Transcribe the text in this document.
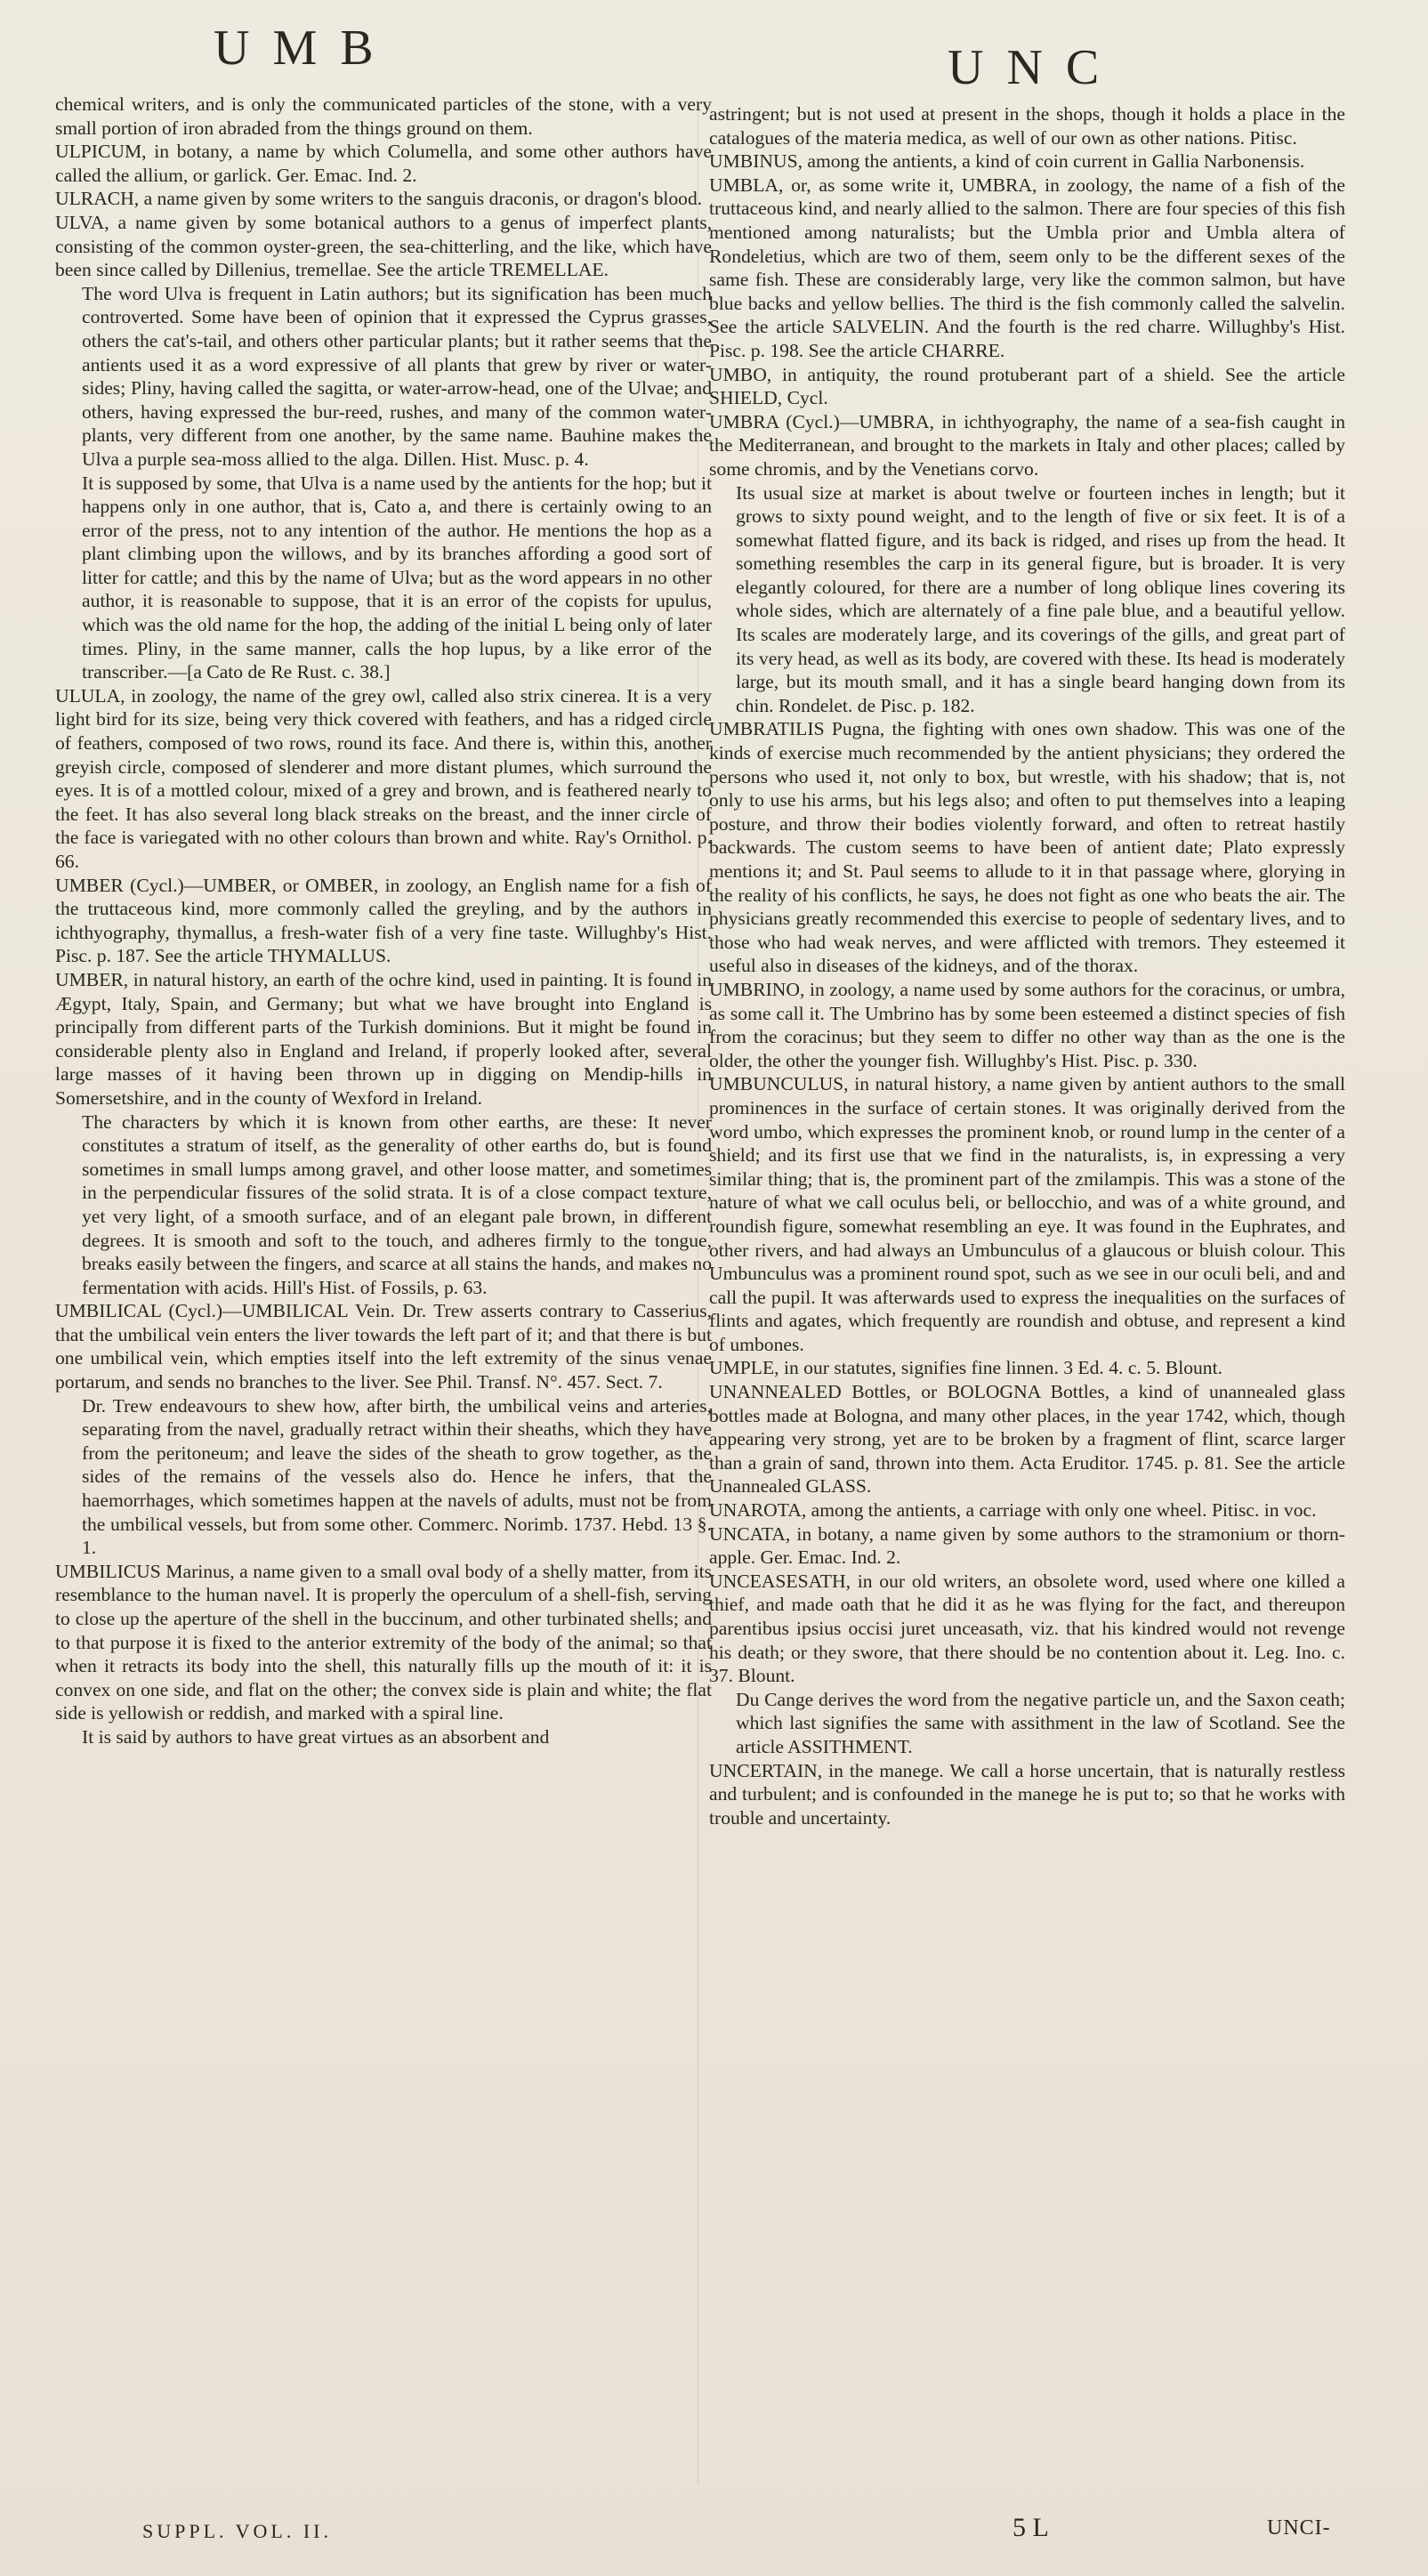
UMB	UNC

chemical writers, and is only the communicated particles of the stone, with a very small portion of iron abraded from the things ground on them.

ULPICUM, in botany, a name by which Columella, and some other authors have called the allium, or garlick. Ger. Emac. Ind. 2.

ULRACH, a name given by some writers to the sanguis draconis, or dragon's blood.

ULVA, a name given by some botanical authors to a genus of imperfect plants, consisting of the common oyster-green, the sea-chitterling, and the like, which have been since called by Dillenius, tremellae. See the article TREMELLAE.

The word Ulva is frequent in Latin authors; but its signification has been much controverted. Some have been of opinion that it expressed the Cyprus grasses, others the cat's-tail, and others other particular plants; but it rather seems that the antients used it as a word expressive of all plants that grew by river or water-sides; Pliny, having called the sagitta, or water-arrow-head, one of the Ulvae; and others, having expressed the bur-reed, rushes, and many of the common water-plants, very different from one another, by the same name. Bauhine makes the Ulva a purple sea-moss allied to the alga. Dillen. Hist. Musc. p. 4.

It is supposed by some, that Ulva is a name used by the antients for the hop; but it happens only in one author, that is, Cato a, and there is certainly owing to an error of the press, not to any intention of the author. He mentions the hop as a plant climbing upon the willows, and by its branches affording a good sort of litter for cattle; and this by the name of Ulva; but as the word appears in no other author, it is reasonable to suppose, that it is an error of the copists for upulus, which was the old name for the hop, the adding of the initial L being only of later times. Pliny, in the same manner, calls the hop lupus, by a like error of the transcriber.—[a Cato de Re Rust. c. 38.]

ULULA, in zoology, the name of the grey owl, called also strix cinerea. It is a very light bird for its size, being very thick covered with feathers, and has a ridged circle of feathers, composed of two rows, round its face. And there is, within this, another greyish circle, composed of slenderer and more distant plumes, which surround the eyes. It is of a mottled colour, mixed of a grey and brown, and is feathered nearly to the feet. It has also several long black streaks on the breast, and the inner circle of the face is variegated with no other colours than brown and white. Ray's Ornithol. p. 66.

UMBER (Cycl.)—UMBER, or OMBER, in zoology, an English name for a fish of the truttaceous kind, more commonly called the greyling, and by the authors in ichthyography, thymallus, a fresh-water fish of a very fine taste. Willughby's Hist. Pisc. p. 187. See the article THYMALLUS.

UMBER, in natural history, an earth of the ochre kind, used in painting. It is found in Ægypt, Italy, Spain, and Germany; but what we have brought into England is principally from different parts of the Turkish dominions. But it might be found in considerable plenty also in England and Ireland, if properly looked after, several large masses of it having been thrown up in digging on Mendip-hills in Somersetshire, and in the county of Wexford in Ireland.

The characters by which it is known from other earths, are these: It never constitutes a stratum of itself, as the generality of other earths do, but is found sometimes in small lumps among gravel, and other loose matter, and sometimes in the perpendicular fissures of the solid strata. It is of a close compact texture, yet very light, of a smooth surface, and of an elegant pale brown, in different degrees. It is smooth and soft to the touch, and adheres firmly to the tongue, breaks easily between the fingers, and scarce at all stains the hands, and makes no fermentation with acids. Hill's Hist. of Fossils, p. 63.

UMBILICAL (Cycl.)—UMBILICAL Vein. Dr. Trew asserts contrary to Casserius, that the umbilical vein enters the liver towards the left part of it; and that there is but one umbilical vein, which empties itself into the left extremity of the sinus venae portarum, and sends no branches to the liver. See Phil. Transf. N°. 457. Sect. 7.

Dr. Trew endeavours to shew how, after birth, the umbilical veins and arteries, separating from the navel, gradually retract within their sheaths, which they have from the peritoneum; and leave the sides of the sheath to grow together, as the sides of the remains of the vessels also do. Hence he infers, that the haemorrhages, which sometimes happen at the navels of adults, must not be from the umbilical vessels, but from some other. Commerc. Norimb. 1737. Hebd. 13 §. 1.

UMBILICUS Marinus, a name given to a small oval body of a shelly matter, from its resemblance to the human navel. It is properly the operculum of a shell-fish, serving to close up the aperture of the shell in the buccinum, and other turbinated shells; and to that purpose it is fixed to the anterior extremity of the body of the animal; so that when it retracts its body into the shell, this naturally fills up the mouth of it: it is convex on one side, and flat on the other; the convex side is plain and white; the flat side is yellowish or reddish, and marked with a spiral line.

It is said by authors to have great virtues as an absorbent and

astringent; but is not used at present in the shops, though it holds a place in the catalogues of the materia medica, as well of our own as other nations. Pitisc.

UMBINUS, among the antients, a kind of coin current in Gallia Narbonensis.

UMBLA, or, as some write it, UMBRA, in zoology, the name of a fish of the truttaceous kind, and nearly allied to the salmon. There are four species of this fish mentioned among naturalists; but the Umbla prior and Umbla altera of Rondeletius, which are two of them, seem only to be the different sexes of the same fish. These are considerably large, very like the common salmon, but have blue backs and yellow bellies. The third is the fish commonly called the salvelin. See the article SALVELIN. And the fourth is the red charre. Willughby's Hist. Pisc. p. 198. See the article CHARRE.

UMBO, in antiquity, the round protuberant part of a shield. See the article SHIELD, Cycl.

UMBRA (Cycl.)—UMBRA, in ichthyography, the name of a sea-fish caught in the Mediterranean, and brought to the markets in Italy and other places; called by some chromis, and by the Venetians corvo.

Its usual size at market is about twelve or fourteen inches in length; but it grows to sixty pound weight, and to the length of five or six feet. It is of a somewhat flatted figure, and its back is ridged, and rises up from the head. It something resembles the carp in its general figure, but is broader. It is very elegantly coloured, for there are a number of long oblique lines covering its whole sides, which are alternately of a fine pale blue, and a beautiful yellow. Its scales are moderately large, and its coverings of the gills, and great part of its very head, as well as its body, are covered with these. Its head is moderately large, but its mouth small, and it has a single beard hanging down from its chin. Rondelet. de Pisc. p. 182.

UMBRATILIS Pugna, the fighting with ones own shadow. This was one of the kinds of exercise much recommended by the antient physicians; they ordered the persons who used it, not only to box, but wrestle, with his shadow; that is, not only to use his arms, but his legs also; and often to put themselves into a leaping posture, and throw their bodies violently forward, and often to retreat hastily backwards. The custom seems to have been of antient date; Plato expressly mentions it; and St. Paul seems to allude to it in that passage where, glorying in the reality of his conflicts, he says, he does not fight as one who beats the air. The physicians greatly recommended this exercise to people of sedentary lives, and to those who had weak nerves, and were afflicted with tremors. They esteemed it useful also in diseases of the kidneys, and of the thorax.

UMBRINO, in zoology, a name used by some authors for the coracinus, or umbra, as some call it. The Umbrino has by some been esteemed a distinct species of fish from the coracinus; but they seem to differ no other way than as the one is the older, the other the younger fish. Willughby's Hist. Pisc. p. 330.

UMBUNCULUS, in natural history, a name given by antient authors to the small prominences in the surface of certain stones. It was originally derived from the word umbo, which expresses the prominent knob, or round lump in the center of a shield; and its first use that we find in the naturalists, is, in expressing a very similar thing; that is, the prominent part of the zmilampis. This was a stone of the nature of what we call oculus beli, or bellocchio, and was of a white ground, and roundish figure, somewhat resembling an eye. It was found in the Euphrates, and other rivers, and had always an Umbunculus of a glaucous or bluish colour. This Umbunculus was a prominent round spot, such as we see in our oculi beli, and and call the pupil. It was afterwards used to express the inequalities on the surfaces of flints and agates, which frequently are roundish and obtuse, and represent a kind of umbones.

UMPLE, in our statutes, signifies fine linnen. 3 Ed. 4. c. 5. Blount.

UNANNEALED Bottles, or BOLOGNA Bottles, a kind of unannealed glass bottles made at Bologna, and many other places, in the year 1742, which, though appearing very strong, yet are to be broken by a fragment of flint, scarce larger than a grain of sand, thrown into them. Acta Eruditor. 1745. p. 81. See the article Unannealed GLASS.

UNAROTA, among the antients, a carriage with only one wheel. Pitisc. in voc.

UNCATA, in botany, a name given by some authors to the stramonium or thorn-apple. Ger. Emac. Ind. 2.

UNCEASESATH, in our old writers, an obsolete word, used where one killed a thief, and made oath that he did it as he was flying for the fact, and thereupon parentibus ipsius occisi juret unceasath, viz. that his kindred would not revenge his death; or they swore, that there should be no contention about it. Leg. Ino. c. 37. Blount.

Du Cange derives the word from the negative particle un, and the Saxon ceath; which last signifies the same with assithment in the law of Scotland. See the article ASSITHMENT.

UNCERTAIN, in the manege. We call a horse uncertain, that is naturally restless and turbulent; and is confounded in the manege he is put to; so that he works with trouble and uncertainty.

SUPPL. VOL. II.	5 L	UNCI-
